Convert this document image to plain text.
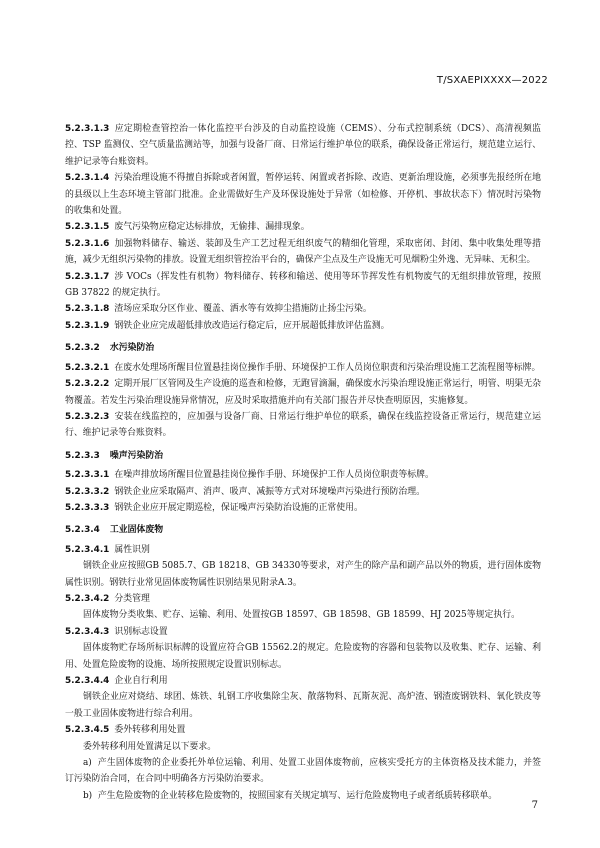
T/SXAEPIXXXX—2022

5.2.3.1.3 应定期检查管控治一体化监控平台涉及的自动监控设施（CEMS）、分布式控制系统（DCS）、高清视频监控、TSP 监测仪、空气质量监测站等，加强与设备厂商、日常运行维护单位的联系，确保设备正常运行，规范建立运行、维护记录等台账资料。

5.2.3.1.4 污染治理设施不得擅自拆除或者闲置，暂停运转、闲置或者拆除、改造、更新治理设施，必须事先报经所在地的县级以上生态环境主管部门批准。企业需做好生产及环保设施处于异常（如检修、开停机、事故状态下）情况时污染物的收集和处置。

5.2.3.1.5 废气污染物应稳定达标排放，无偷排、漏排现象。

5.2.3.1.6 加强物料储存、输送、装卸及生产工艺过程无组织废气的精细化管理，采取密闭、封闭、集中收集处理等措施，减少无组织污染物的排放。设置无组织管控治平台的，确保产尘点及生产设施无可见烟粉尘外逸、无异味、无积尘。

5.2.3.1.7 涉 VOCs（挥发性有机物）物料储存、转移和输送、使用等环节挥发性有机物废气的无组织排放管理，按照 GB 37822 的规定执行。

5.2.3.1.8 渣场应采取分区作业、覆盖、洒水等有效抑尘措施防止扬尘污染。

5.2.3.1.9 钢铁企业应完成超低排放改造运行稳定后，应开展超低排放评估监测。

5.2.3.2 水污染防治

5.2.3.2.1 在废水处理场所醒目位置悬挂岗位操作手册、环境保护工作人员岗位职责和污染治理设施工艺流程图等标牌。

5.2.3.2.2 定期开展厂区管网及生产设施的巡查和检修，无跑冒滴漏，确保废水污染治理设施正常运行，明管、明渠无杂物覆盖。若发生污染治理设施异常情况，应及时采取措施并向有关部门报告并尽快查明原因，实施修复。

5.2.3.2.3 安装在线监控的，应加强与设备厂商、日常运行维护单位的联系，确保在线监控设备正常运行，规范建立运行、维护记录等台账资料。

5.2.3.3 噪声污染防治

5.2.3.3.1 在噪声排放场所醒目位置悬挂岗位操作手册、环境保护工作人员岗位职责等标牌。

5.2.3.3.2 钢铁企业应采取隔声、消声、吸声、减振等方式对环境噪声污染进行预防治理。

5.2.3.3.3 钢铁企业应开展定期巡检，保证噪声污染防治设施的正常使用。

5.2.3.4 工业固体废物

5.2.3.4.1 属性识别

钢铁企业应按照GB 5085.7、GB 18218、GB 34330等要求，对产生的除产品和副产品以外的物质，进行固体废物属性识别。钢铁行业常见固体废物属性识别结果见附录A.3。

5.2.3.4.2 分类管理

固体废物分类收集、贮存、运输、利用、处置按GB 18597、GB 18598、GB 18599、HJ 2025等规定执行。

5.2.3.4.3 识别标志设置

固体废物贮存场所标识标牌的设置应符合GB 15562.2的规定。危险废物的容器和包装物以及收集、贮存、运输、利用、处置危险废物的设施、场所按照规定设置识别标志。

5.2.3.4.4 企业自行利用

钢铁企业应对烧结、球团、炼铁、轧钢工序收集除尘灰、散落物料、瓦斯灰泥、高炉渣、钢渣废钢铁料、氧化铁皮等一般工业固体废物进行综合利用。

5.2.3.4.5 委外转移利用处置

委外转移利用处置满足以下要求。

a) 产生固体废物的企业委托外单位运输、利用、处置工业固体废物前，应核实受托方的主体资格及技术能力，并签订污染防治合同，在合同中明确各方污染防治要求。

b) 产生危险废物的企业转移危险废物的，按照国家有关规定填写、运行危险废物电子或者纸质转移联单。

7
